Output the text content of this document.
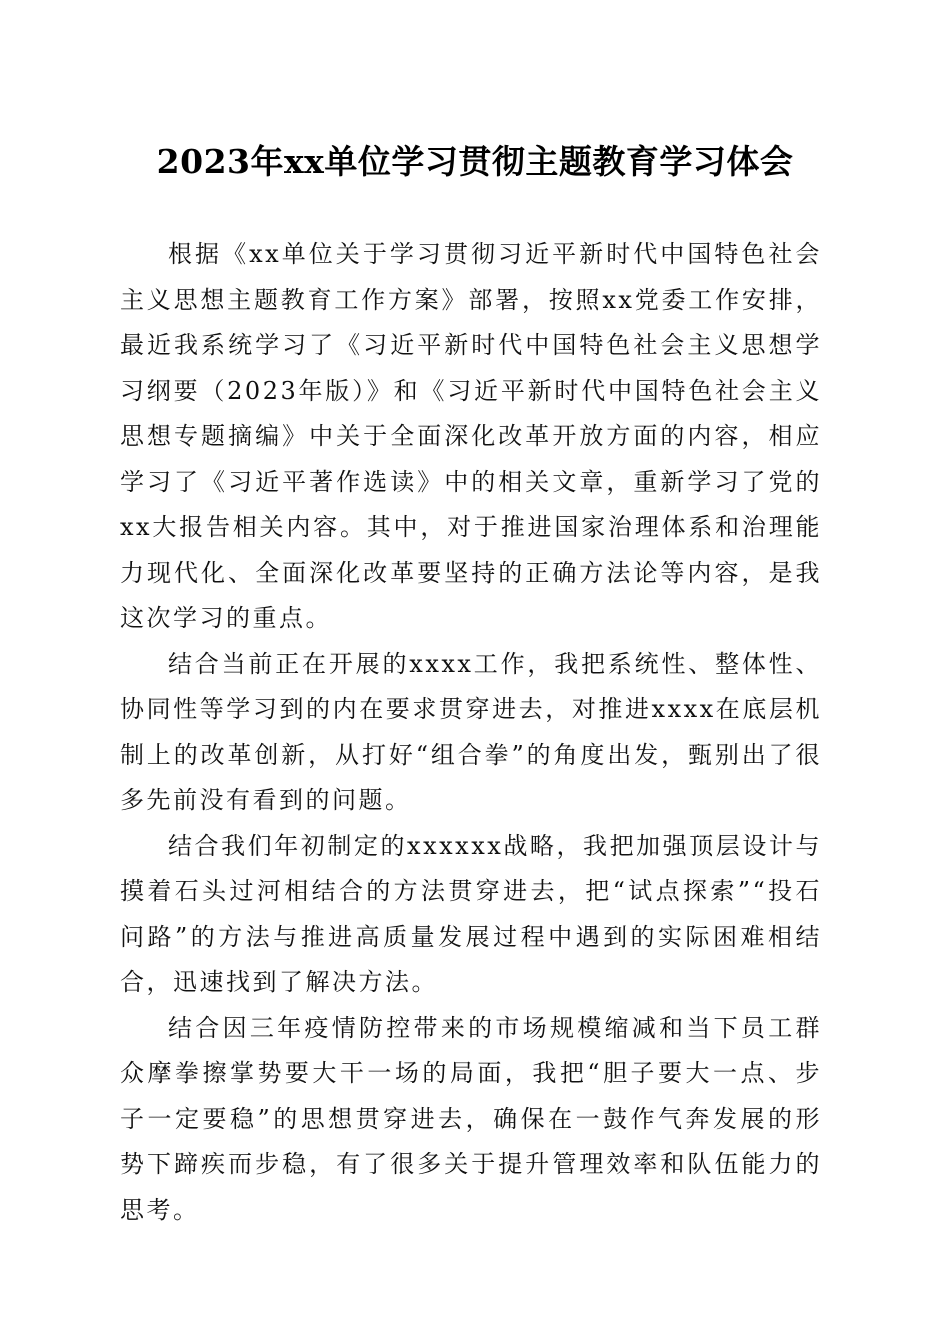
2023年xx单位学习贯彻主题教育学习体会

根据《xx单位关于学习贯彻习近平新时代中国特色社会主义思想主题教育工作方案》部署，按照xx党委工作安排，最近我系统学习了《习近平新时代中国特色社会主义思想学习纲要（2023年版）》和《习近平新时代中国特色社会主义思想专题摘编》中关于全面深化改革开放方面的内容，相应学习了《习近平著作选读》中的相关文章，重新学习了党的xx大报告相关内容。其中，对于推进国家治理体系和治理能力现代化、全面深化改革要坚持的正确方法论等内容，是我这次学习的重点。

结合当前正在开展的xxxx工作，我把系统性、整体性、协同性等学习到的内在要求贯穿进去，对推进xxxx在底层机制上的改革创新，从打好“组合拳”的角度出发，甄别出了很多先前没有看到的问题。

结合我们年初制定的xxxxxx战略，我把加强顶层设计与摸着石头过河相结合的方法贯穿进去，把“试点探索”“投石问路”的方法与推进高质量发展过程中遇到的实际困难相结合，迅速找到了解决方法。

结合因三年疫情防控带来的市场规模缩减和当下员工群众摩拳擦掌势要大干一场的局面，我把“胆子要大一点、步子一定要稳”的思想贯穿进去，确保在一鼓作气奔发展的形势下蹄疾而步稳，有了很多关于提升管理效率和队伍能力的思考。
